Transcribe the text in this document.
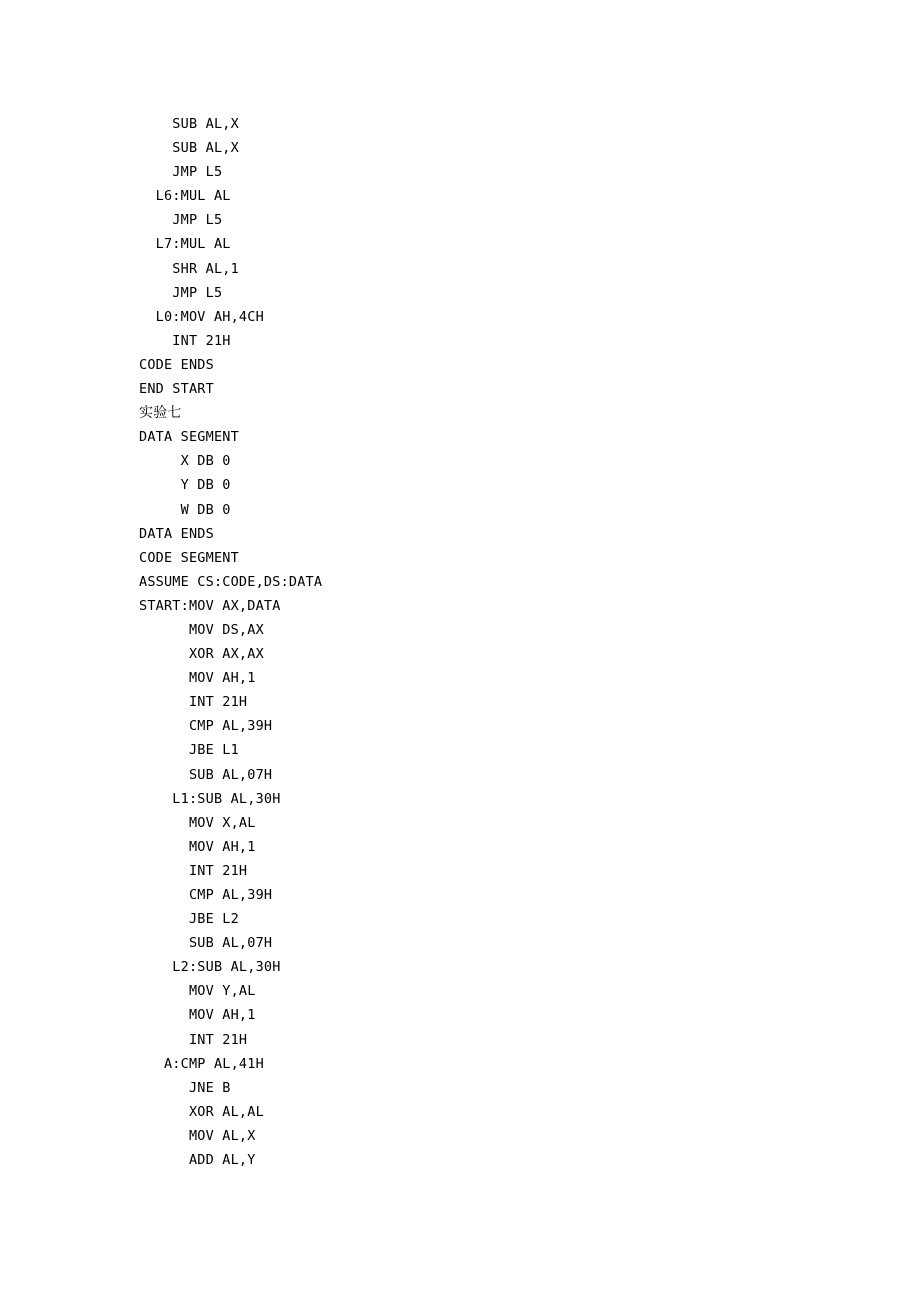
SUB AL,X
SUB AL,X
JMP L5
L6:MUL AL
JMP L5
L7:MUL AL
SHR AL,1
JMP L5
L0:MOV AH,4CH
INT 21H
CODE ENDS
END START
实验七
DATA SEGMENT
X DB 0
Y DB 0
W DB 0
DATA ENDS
CODE SEGMENT
ASSUME CS:CODE,DS:DATA
START:MOV AX,DATA
MOV DS,AX
XOR AX,AX
MOV AH,1
INT 21H
CMP AL,39H
JBE L1
SUB AL,07H
L1:SUB AL,30H
MOV X,AL
MOV AH,1
INT 21H
CMP AL,39H
JBE L2
SUB AL,07H
L2:SUB AL,30H
MOV Y,AL
MOV AH,1
INT 21H
A:CMP AL,41H
JNE B
XOR AL,AL
MOV AL,X
ADD AL,Y
